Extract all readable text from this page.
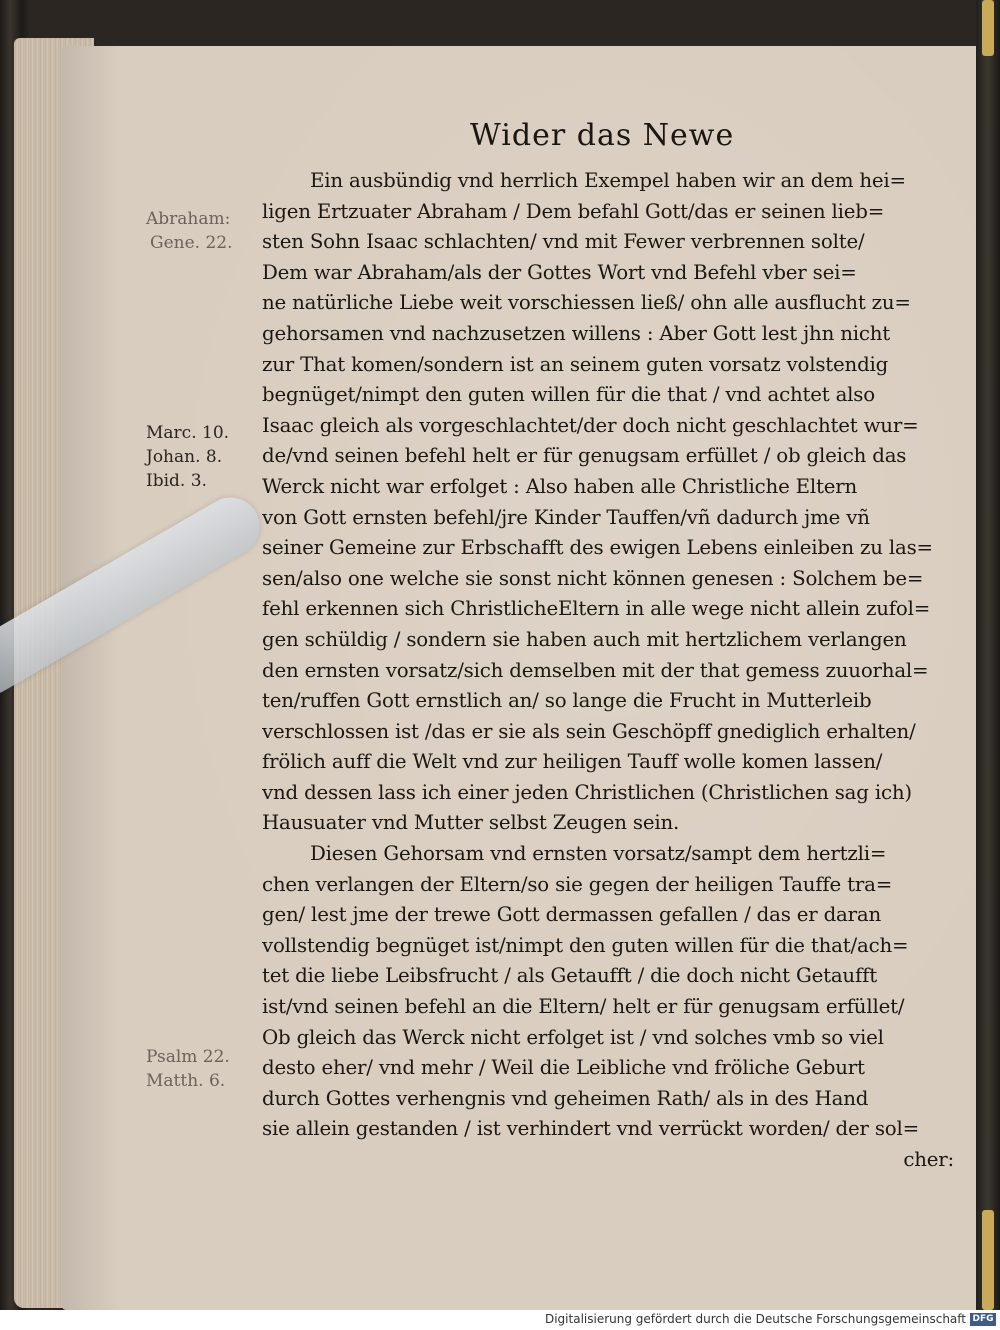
Wider das Newe
Abraham:
Gene. 22.
Marc. 10.
Johan. 8.
Ibid. 3.
Psalm 22.
Matth. 6.
Ein ausbündig vnd herrlich Exempel haben wir an dem hei=
ligen Ertzuater Abraham / Dem befahl Gott/das er seinen lieb=
sten Sohn Isaac schlachten/ vnd mit Fewer verbrennen solte/
Dem war Abraham/als der Gottes Wort vnd Befehl vber sei=
ne natürliche Liebe weit vorschiessen ließ/ ohn alle ausflucht zu=
gehorsamen vnd nachzusetzen willens : Aber Gott lest jhn nicht
zur That komen/sondern ist an seinem guten vorsatz volstendig
begnüget/nimpt den guten willen für die that / vnd achtet also
Isaac gleich als vorgeschlachtet/der doch nicht geschlachtet wur=
de/vnd seinen befehl helt er für genugsam erfüllet / ob gleich das
Werck nicht war erfolget : Also haben alle Christliche Eltern
von Gott ernsten befehl/jre Kinder Tauffen/vñ dadurch jme vñ
seiner Gemeine zur Erbschafft des ewigen Lebens einleiben zu las=
sen/also one welche sie sonst nicht können genesen : Solchem be=
fehl erkennen sich ChristlicheEltern in alle wege nicht allein zufol=
gen schüldig / sondern sie haben auch mit hertzlichem verlangen
den ernsten vorsatz/sich demselben mit der that gemess zuuorhal=
ten/ruffen Gott ernstlich an/ so lange die Frucht in Mutterleib
verschlossen ist /das er sie als sein Geschöpff gnediglich erhalten/
frölich auff die Welt vnd zur heiligen Tauff wolle komen lassen/
vnd dessen lass ich einer jeden Christlichen (Christlichen sag ich)
Hausuater vnd Mutter selbst Zeugen sein.
Diesen Gehorsam vnd ernsten vorsatz/sampt dem hertzli=
chen verlangen der Eltern/so sie gegen der heiligen Tauffe tra=
gen/ lest jme der trewe Gott dermassen gefallen / das er daran
vollstendig begnüget ist/nimpt den guten willen für die that/ach=
tet die liebe Leibsfrucht / als Getaufft / die doch nicht Getaufft
ist/vnd seinen befehl an die Eltern/ helt er für genugsam erfüllet/
Ob gleich das Werck nicht erfolget ist / vnd solches vmb so viel
desto eher/ vnd mehr / Weil die Leibliche vnd fröliche Geburt
durch Gottes verhengnis vnd geheimen Rath/ als in des Hand
sie allein gestanden / ist verhindert vnd verrückt worden/ der sol=
cher:
Digitalisierung gefördert durch die Deutsche Forschungsgemeinschaft DFG
